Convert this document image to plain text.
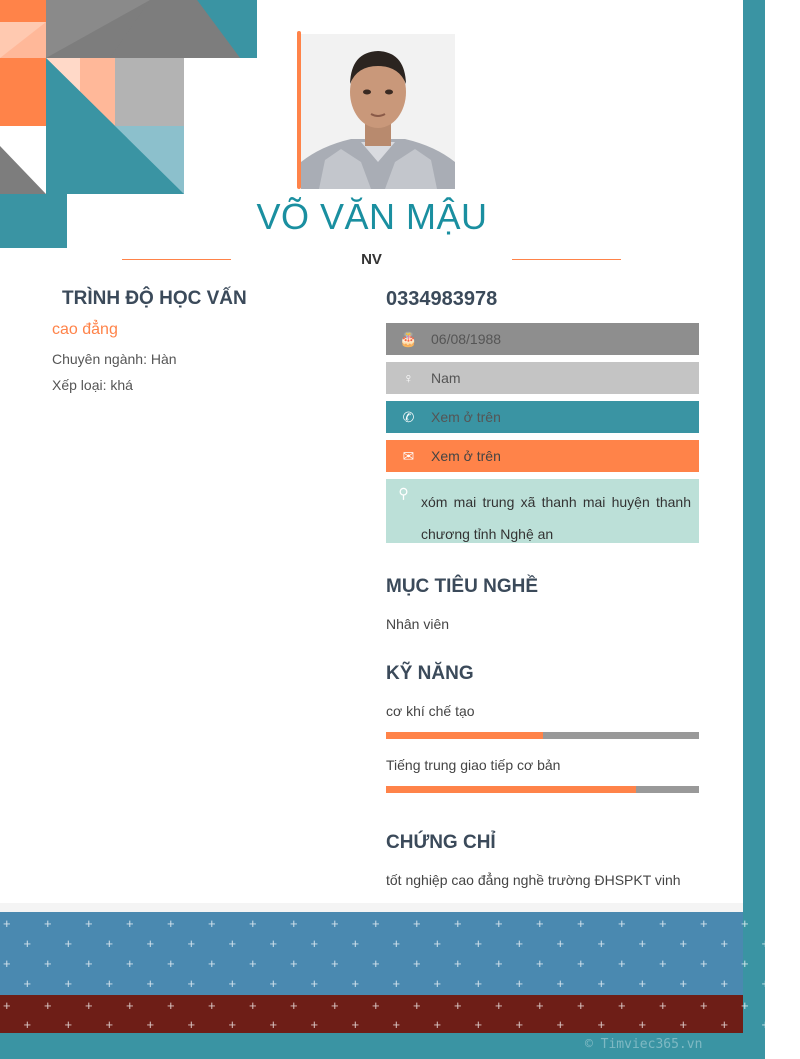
VÕ VĂN MẬU
NV
TRÌNH ĐỘ HỌC VẤN
cao đẳng
Chuyên ngành: Hàn
Xếp loại: khá
0334983978
🎂 06/08/1988
♀	Nam
✆	Xem ở trên
✉	Xem ở trên
⚲
xóm mai trung xã thanh mai huyện thanh chương tỉnh Nghệ an
MỤC TIÊU NGHỀ
Nhân viên
KỸ NĂNG
cơ khí chế tạo
Tiếng trung giao tiếp cơ bản
CHỨNG CHỈ
tốt nghiệp cao đẳng nghề trường ĐHSPKT vinh
+	+	+	+	+	+	+	+	+	+	+	+	+	+	+	+	+	+	+
+	+	+	+	+	+	+	+	+	+	+	+	+	+	+	+	+	+	+
+	+	+	+	+	+	+	+	+	+	+	+	+	+	+	+	+	+	+
+	+	+	+	+	+	+	+	+	+	+	+	+	+	+	+	+	+	+
+	+	+	+	+	+	+	+	+	+	+	+	+	+	+	+	+	+	+
+	+	+	+	+	+	+	+	+	+	+	+	+	+	+	+	+	+	+
© Timviec365.vn
